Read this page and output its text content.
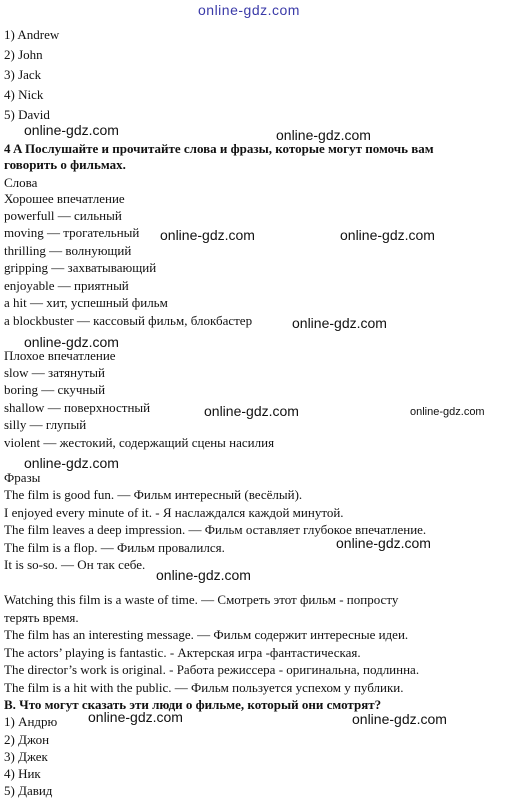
online-gdz.com
1) Andrew
2) John
3) Jack
4) Nick
5) David
online-gdz.com	online-gdz.com
4 A Послушайте и прочитайте слова и фразы, которые могут помочь вам
говорить о фильмах.
Слова
Хорошее впечатление
powerfull — сильный
moving — трогательный
thrilling — волнующий
gripping — захватывающий
enjoyable — приятный
a hit — хит, успешный фильм
a blockbuster — кассовый фильм, блокбастер
online-gdz.com	online-gdz.com
online-gdz.com
online-gdz.com
Плохое впечатление
slow — затянутый
boring — скучный
shallow — поверхностный
silly — глупый
violent — жестокий, содержащий сцены насилия
online-gdz.com	online-gdz.com
online-gdz.com
Фразы
The film is good fun. — Фильм интересный (весёлый).
I enjoyed every minute of it. - Я наслаждался каждой минутой.
The film leaves a deep impression. — Фильм оставляет глубокое впечатление.
The film is a flop. — Фильм провалился.
It is so-so. — Он так себе.
online-gdz.com
online-gdz.com
Watching this film is a waste of time. — Смотреть этот фильм - попросту
терять время.
The film has an interesting message. — Фильм содержит интересные идеи.
The actors’ playing is fantastic. - Актерская игра -фантастическая.
The director’s work is original. - Работа режиссера - оригинальна, подлинна.
The film is a hit with the public. — Фильм пользуется успехом у публики.
B. Что могут сказать эти люди о фильме, который они смотрят?
online-gdz.com	online-gdz.com
1) Андрю
2) Джон
3) Джек
4) Ник
5) Давид
